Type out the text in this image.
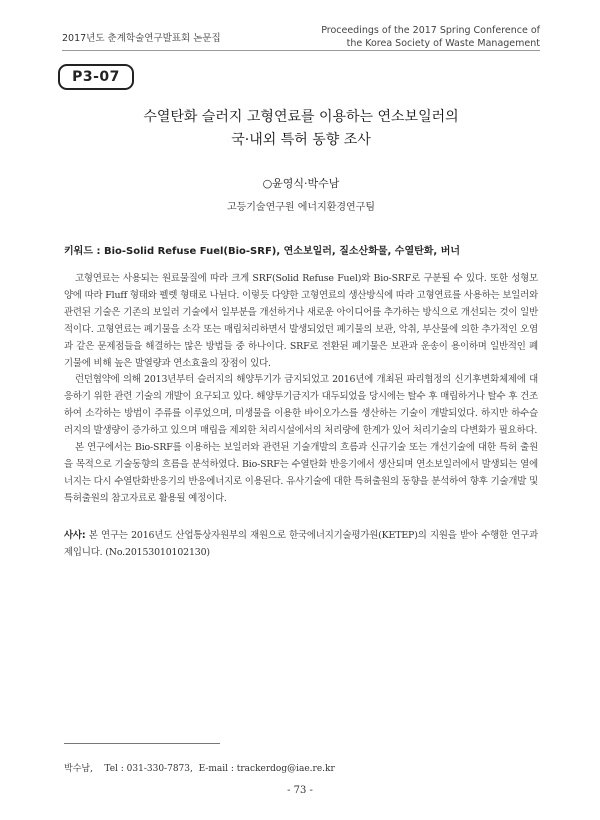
2017년도 춘계학술연구발표회 논문집
Proceedings of the 2017 Spring Conference of
the Korea Society of Waste Management
P3-07
수열탄화 슬러지 고형연료를 이용하는 연소보일러의
국·내외 특허 동향 조사
○윤영식·박수남
고등기술연구원 에너지환경연구팀
키워드 : Bio-Solid Refuse Fuel(Bio-SRF), 연소보일러, 질소산화물, 수열탄화, 버너

고형연료는 사용되는 원료물질에 따라 크게 SRF(Solid Refuse Fuel)와 Bio-SRF로 구분될 수 있다. 또한 성형모양에 따라 Fluff 형태와 펠렛 형태로 나뉜다. 이렇듯 다양한 고형연료의 생산방식에 따라 고형연료를 사용하는 보일러와 관련된 기술은 기존의 보일러 기술에서 일부분을 개선하거나 새로운 아이디어를 추가하는 방식으로 개선되는 것이 일반적이다. 고형연료는 폐기물을 소각 또는 매립처리하면서 발생되었던 폐기물의 보관, 악취, 부산물에 의한 추가적인 오염과 같은 문제점들을 해결하는 많은 방법들 중 하나이다. SRF로 전환된 폐기물은 보관과 운송이 용이하며 일반적인 폐기물에 비해 높은 발열량과 연소효율의 장점이 있다.

런던협약에 의해 2013년부터 슬러지의 해양투기가 금지되었고 2016년에 개최된 파리협정의 신기후변화체제에 대응하기 위한 관련 기술의 개발이 요구되고 있다. 해양투기금지가 대두되었을 당시에는 탈수 후 매립하거나 탈수 후 건조하여 소각하는 방법이 주류를 이루었으며, 미생물을 이용한 바이오가스를 생산하는 기술이 개발되었다. 하지만 하수슬러지의 발생량이 증가하고 있으며 매립을 제외한 처리시설에서의 처리량에 한계가 있어 처리기술의 다변화가 필요하다.

본 연구에서는 Bio-SRF를 이용하는 보일러와 관련된 기술개발의 흐름과 신규기술 또는 개선기술에 대한 특허 출원을 목적으로 기술동향의 흐름을 분석하였다. Bio-SRF는 수열탄화 반응기에서 생산되며 연소보일러에서 발생되는 열에너지는 다시 수열탄화반응기의 반응에너지로 이용된다. 유사기술에 대한 특허출원의 동향을 분석하여 향후 기술개발 및 특허출원의 참고자료로 활용될 예정이다.

사사: 본 연구는 2016년도 산업통상자원부의 재원으로 한국에너지기술평가원(KETEP)의 지원을 받아 수행한 연구과제입니다. (No.20153010102130)
박수남,    Tel : 031-330-7873,  E-mail : trackerdog@iae.re.kr
- 73 -
